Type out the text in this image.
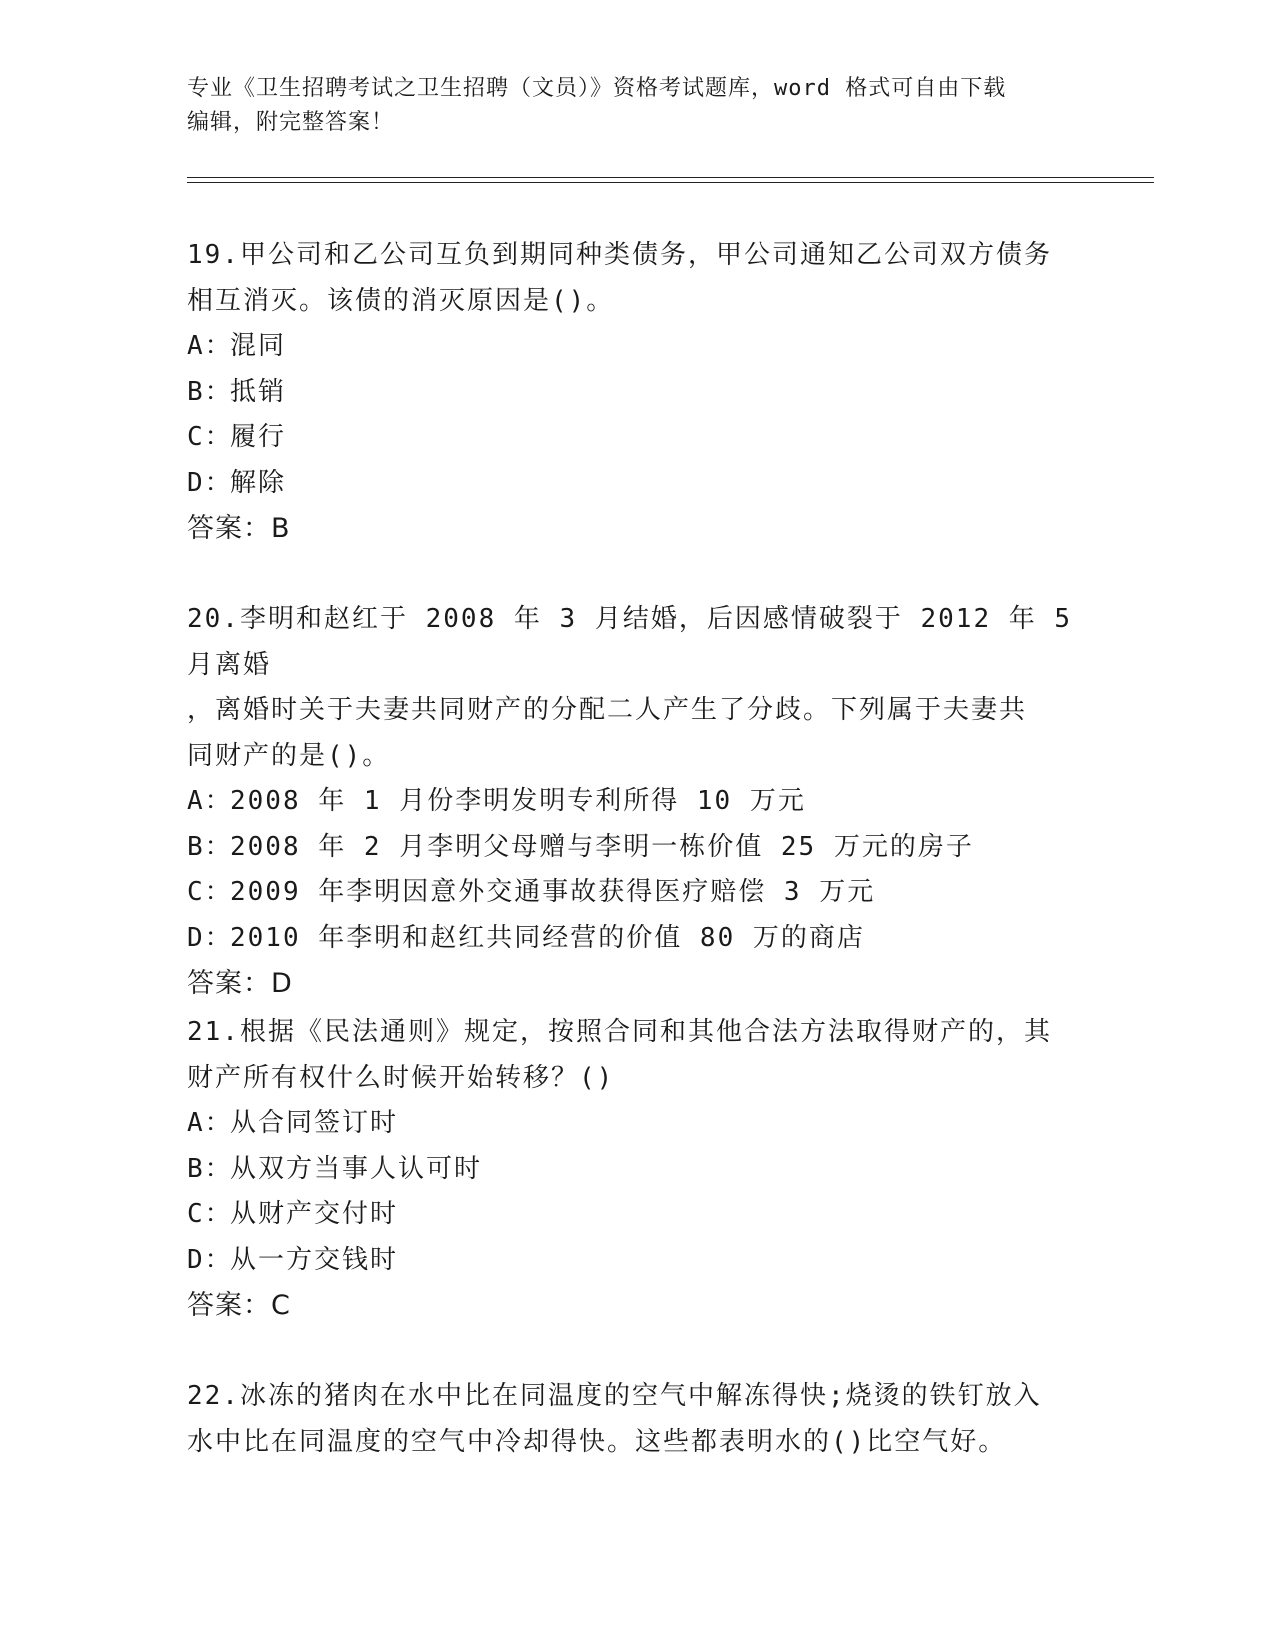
专业《卫生招聘考试之卫生招聘（文员）》资格考试题库，word 格式可自由下载
编辑，附完整答案！
19.甲公司和乙公司互负到期同种类债务，甲公司通知乙公司双方债务
相互消灭。该债的消灭原因是()。
A：混同
B：抵销
C：履行
D：解除
答案：B
20.李明和赵红于 2008 年 3 月结婚，后因感情破裂于 2012 年 5 月离婚
，离婚时关于夫妻共同财产的分配二人产生了分歧。下列属于夫妻共
同财产的是()。
A：2008 年 1 月份李明发明专利所得 10 万元
B：2008 年 2 月李明父母赠与李明一栋价值 25 万元的房子
C：2009 年李明因意外交通事故获得医疗赔偿 3 万元
D：2010 年李明和赵红共同经营的价值 80 万的商店
答案：D
21.根据《民法通则》规定，按照合同和其他合法方法取得财产的，其
财产所有权什么时候开始转移？()
A：从合同签订时
B：从双方当事人认可时
C：从财产交付时
D：从一方交钱时
答案：C
22.冰冻的猪肉在水中比在同温度的空气中解冻得快;烧烫的铁钉放入
水中比在同温度的空气中冷却得快。这些都表明水的()比空气好。
